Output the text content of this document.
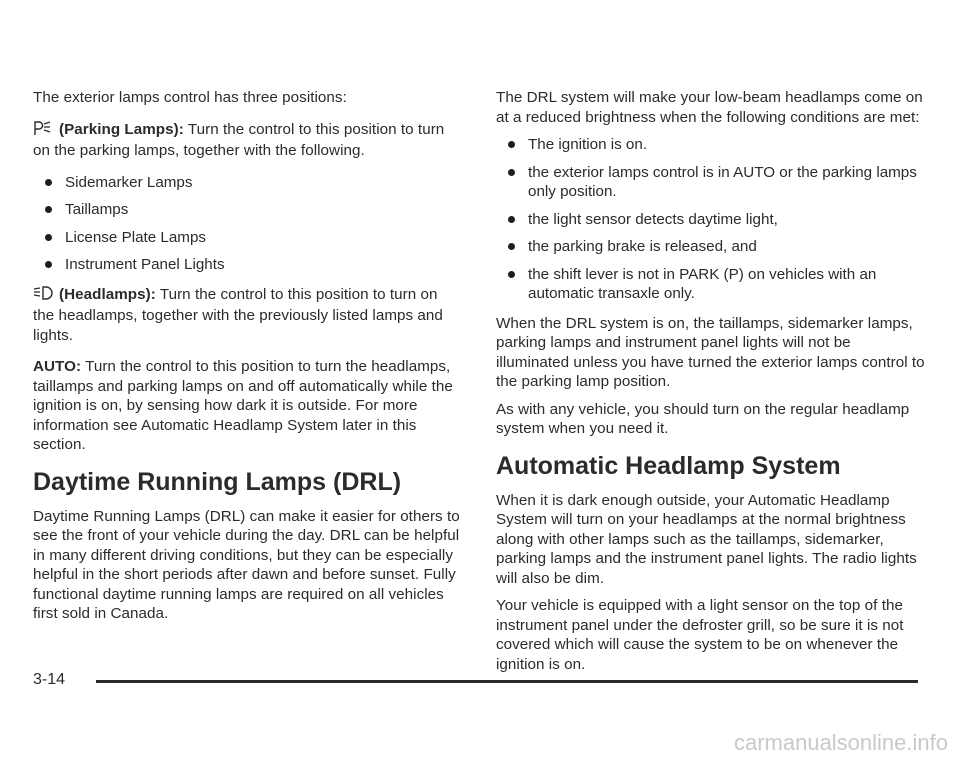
The exterior lamps control has three positions:

(Parking Lamps): Turn the control to this position to turn on the parking lamps, together with the following.

Sidemarker Lamps
Taillamps
License Plate Lamps
Instrument Panel Lights

(Headlamps): Turn the control to this position to turn on the headlamps, together with the previously listed lamps and lights.

AUTO: Turn the control to this position to turn the headlamps, taillamps and parking lamps on and off automatically while the ignition is on, by sensing how dark it is outside. For more information see Automatic Headlamp System later in this section.

Daytime Running Lamps (DRL)

Daytime Running Lamps (DRL) can make it easier for others to see the front of your vehicle during the day. DRL can be helpful in many different driving conditions, but they can be especially helpful in the short periods after dawn and before sunset. Fully functional daytime running lamps are required on all vehicles first sold in Canada.

The DRL system will make your low-beam headlamps come on at a reduced brightness when the following conditions are met:

The ignition is on.
the exterior lamps control is in AUTO or the parking lamps only position.
the light sensor detects daytime light,
the parking brake is released, and
the shift lever is not in PARK (P) on vehicles with an automatic transaxle only.

When the DRL system is on, the taillamps, sidemarker lamps, parking lamps and instrument panel lights will not be illuminated unless you have turned the exterior lamps control to the parking lamp position.

As with any vehicle, you should turn on the regular headlamp system when you need it.

Automatic Headlamp System

When it is dark enough outside, your Automatic Headlamp System will turn on your headlamps at the normal brightness along with other lamps such as the taillamps, sidemarker, parking lamps and the instrument panel lights. The radio lights will also be dim.

Your vehicle is equipped with a light sensor on the top of the instrument panel under the defroster grill, so be sure it is not covered which will cause the system to be on whenever the ignition is on.

3-14
carmanualsonline.info
